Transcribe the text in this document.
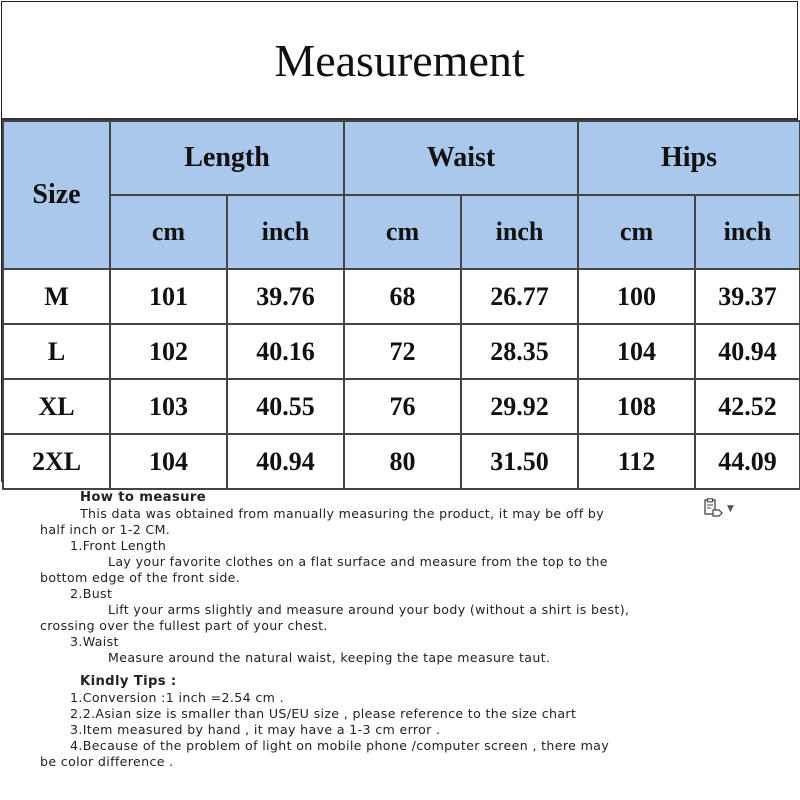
Measurement
Size	Length		Waist		Hips	
	cm	inch	cm	inch	cm	inch
M	101	39.76	68	26.77	100	39.37
L	102	40.16	72	28.35	104	40.94
XL	103	40.55	76	29.92	108	42.52
2XL	104	40.94	80	31.50	112	44.09
▼
How to measure
This data was obtained from manually measuring the product, it may be off by
half inch or 1-2 CM.
1.Front Length
Lay your favorite clothes on a flat surface and measure from the top to the
bottom edge of the front side.
2.Bust
Lift your arms slightly and measure around your body (without a shirt is best),
crossing over the fullest part of your chest.
3.Waist
Measure around the natural waist, keeping the tape measure taut.
Kindly Tips :
1.Conversion :1 inch =2.54 cm .
2.2.Asian size is smaller than US/EU size , please reference to the size chart
3.Item measured by hand , it may have a 1-3 cm error .
4.Because of the problem of light on mobile phone /computer screen , there may
be color difference .
